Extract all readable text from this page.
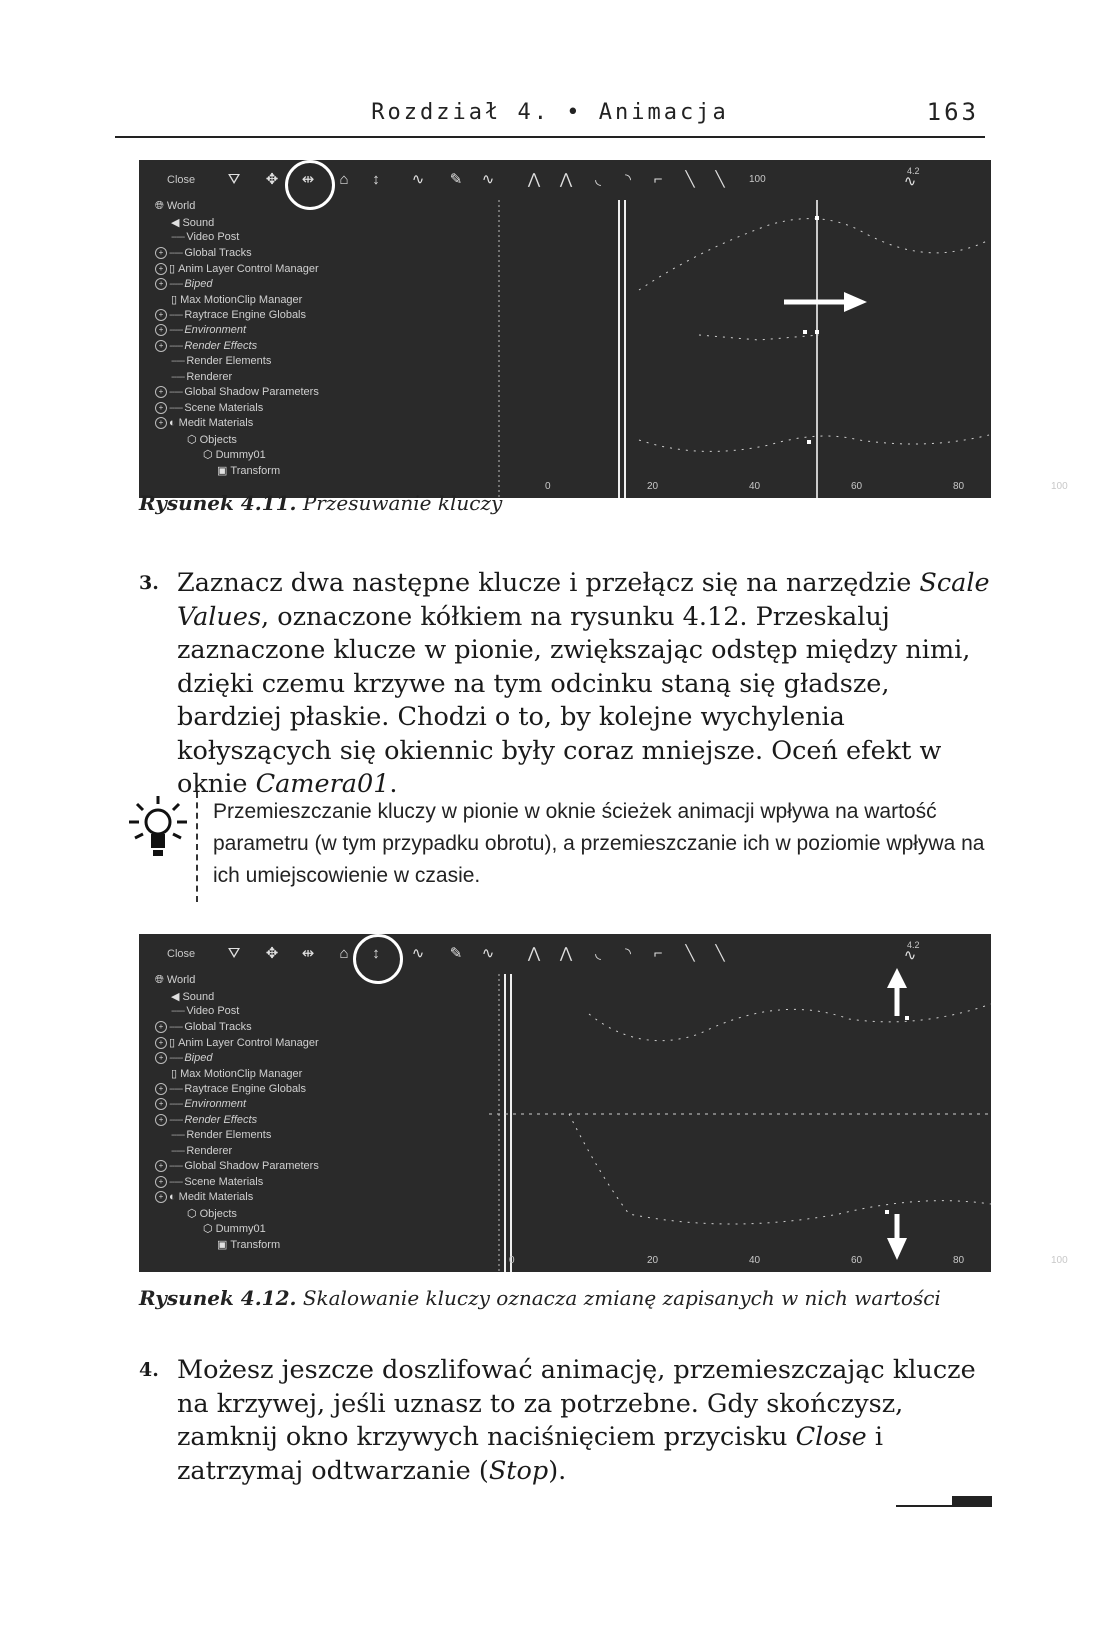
Rozdział 4. • Animacja	163
Close	⛛	✥	⇹	⌂	↕	∿	✎	∿	⋀	⋀	◟	◝	⌐	╲	╲	100
4.2
∿
🌐︎ World
◀︎ Sound
----- Video Post
+ ----- Global Tracks
+ ▯ Anim Layer Control Manager
+ ----- Biped
▯ Max MotionClip Manager
+ ----- Raytrace Engine Globals
+ ----- Environment
+ ----- Render Effects
----- Render Elements
----- Renderer
+ ----- Global Shadow Parameters
+ ----- Scene Materials
+ ◐ Medit Materials
⬡ Objects
⬡ Dummy01
▣ Transform
0	20	40	60	80	100
Rysunek 4.11. Przesuwanie kluczy
3. Zaznacz dwa następne klucze i przełącz się na narzędzie Scale Values, oznaczone kółkiem na rysunku 4.12. Przeskaluj zaznaczone klucze w pionie, zwiększając odstęp między nimi, dzięki czemu krzywe na tym odcinku staną się gładsze, bardziej płaskie. Chodzi o to, by kolejne wychylenia kołyszących się okiennic były coraz mniejsze. Oceń efekt w oknie Camera01.
Przemieszczanie kluczy w pionie w oknie ścieżek animacji wpływa na wartość parametru (w tym przypadku obrotu), a przemieszczanie ich w poziomie wpływa na ich umiejscowienie w czasie.
Close	⛛	✥	⇹	⌂	↕	∿	✎	∿	⋀	⋀	◟	◝	⌐	╲	╲	4.2
∿
🌐︎ World
◀︎ Sound
----- Video Post
+ ----- Global Tracks
+ ▯ Anim Layer Control Manager
+ ----- Biped
▯ Max MotionClip Manager
+ ----- Raytrace Engine Globals
+ ----- Environment
+ ----- Render Effects
----- Render Elements
----- Renderer
+ ----- Global Shadow Parameters
+ ----- Scene Materials
+ ◐ Medit Materials
⬡ Objects
⬡ Dummy01
▣ Transform
0	20	40	60	80	100
Rysunek 4.12. Skalowanie kluczy oznacza zmianę zapisanych w nich wartości
4. Możesz jeszcze doszlifować animację, przemieszczając klucze na krzywej, jeśli uznasz to za potrzebne. Gdy skończysz, zamknij okno krzywych naciśnięciem przycisku Close i zatrzymaj odtwarzanie (Stop).
